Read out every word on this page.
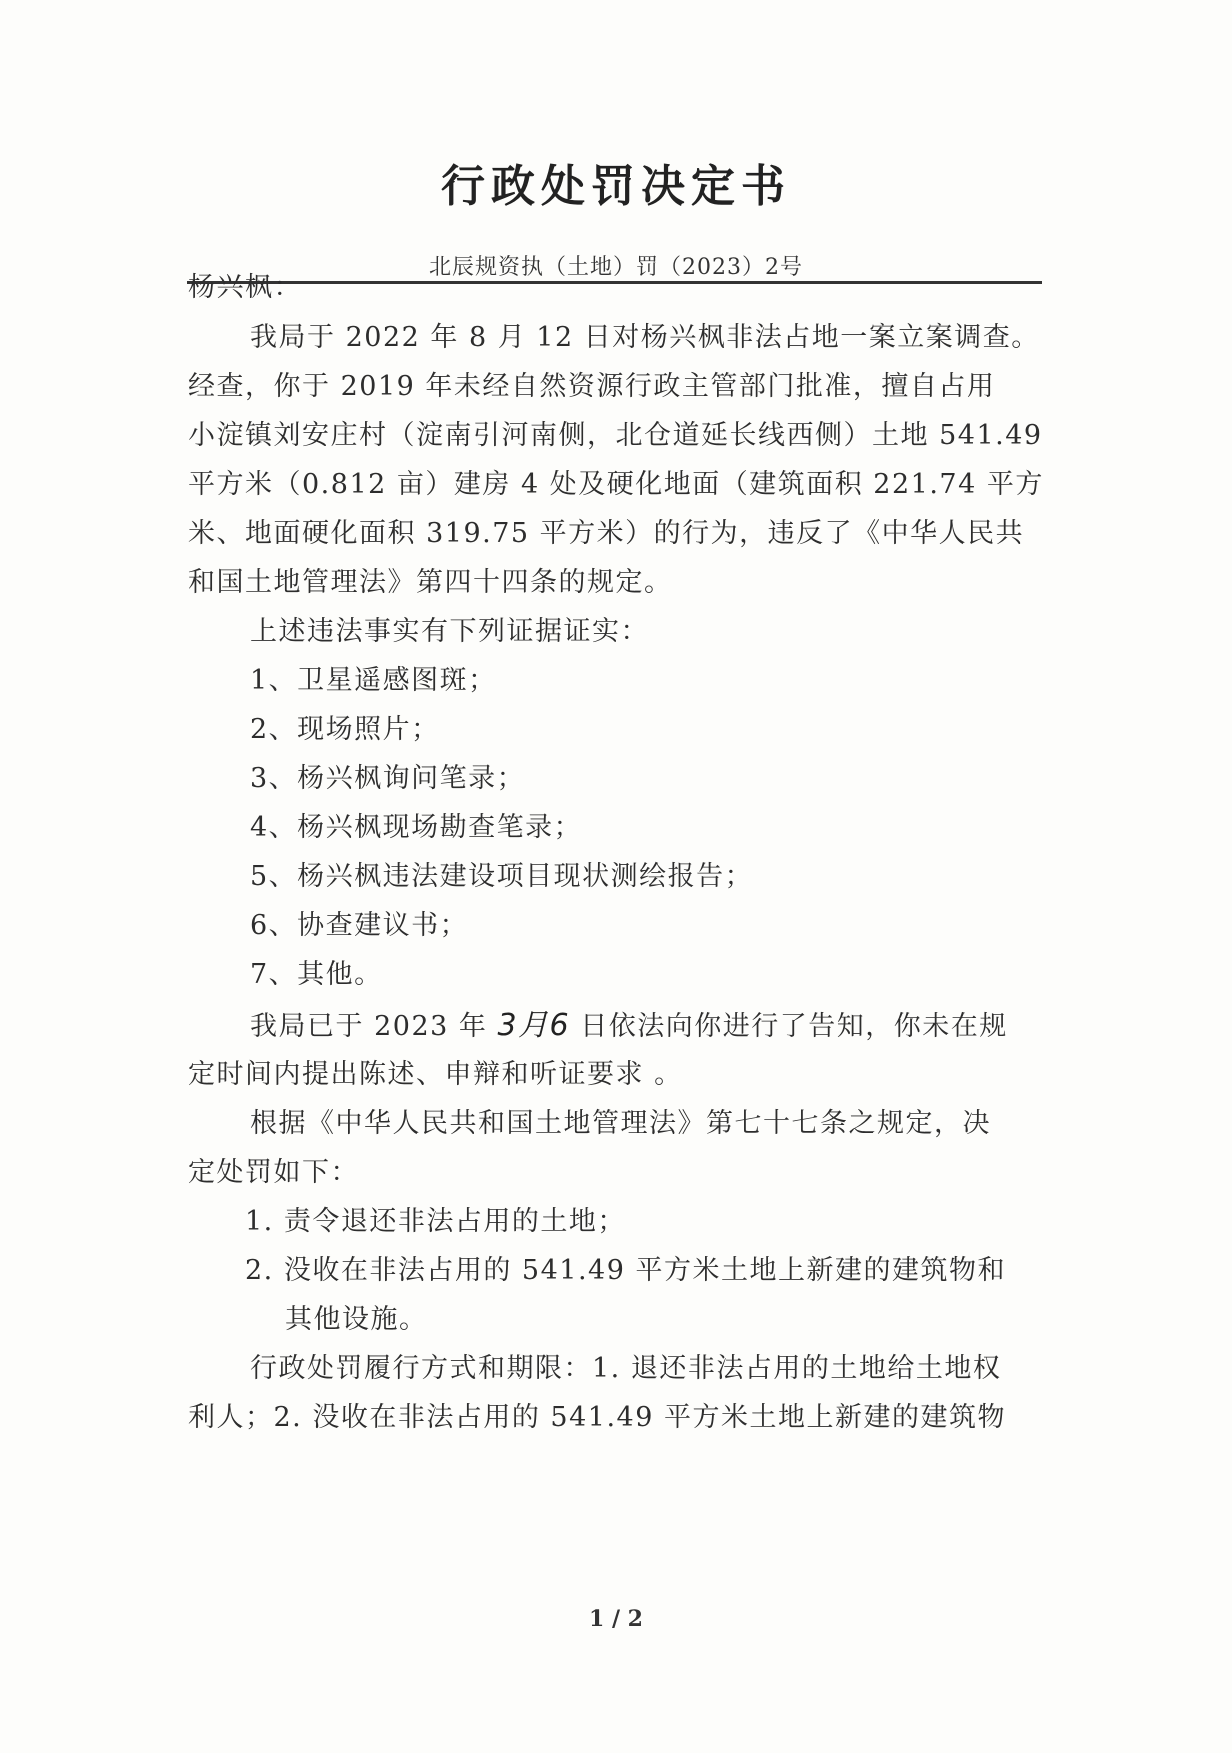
行政处罚决定书
北辰规资执（土地）罚（2023）2号
杨兴枫：
我局于 2022 年 8 月 12 日对杨兴枫非法占地一案立案调查。
经查，你于 2019 年未经自然资源行政主管部门批准，擅自占用
小淀镇刘安庄村（淀南引河南侧，北仓道延长线西侧）土地 541.49
平方米（0.812 亩）建房 4 处及硬化地面（建筑面积 221.74 平方
米、地面硬化面积 319.75 平方米）的行为，违反了《中华人民共
和国土地管理法》第四十四条的规定。
上述违法事实有下列证据证实：
1、卫星遥感图斑；
2、现场照片；
3、杨兴枫询问笔录；
4、杨兴枫现场勘查笔录；
5、杨兴枫违法建设项目现状测绘报告；
6、协查建议书；
7、其他。
我局已于 2023 年 3月6 日依法向你进行了告知，你未在规
定时间内提出陈述、申辩和听证要求 。
根据《中华人民共和国土地管理法》第七十七条之规定，决
定处罚如下：
1. 责令退还非法占用的土地；
2. 没收在非法占用的 541.49 平方米土地上新建的建筑物和
其他设施。
行政处罚履行方式和期限：1. 退还非法占用的土地给土地权
利人；2. 没收在非法占用的 541.49 平方米土地上新建的建筑物
1 / 2
